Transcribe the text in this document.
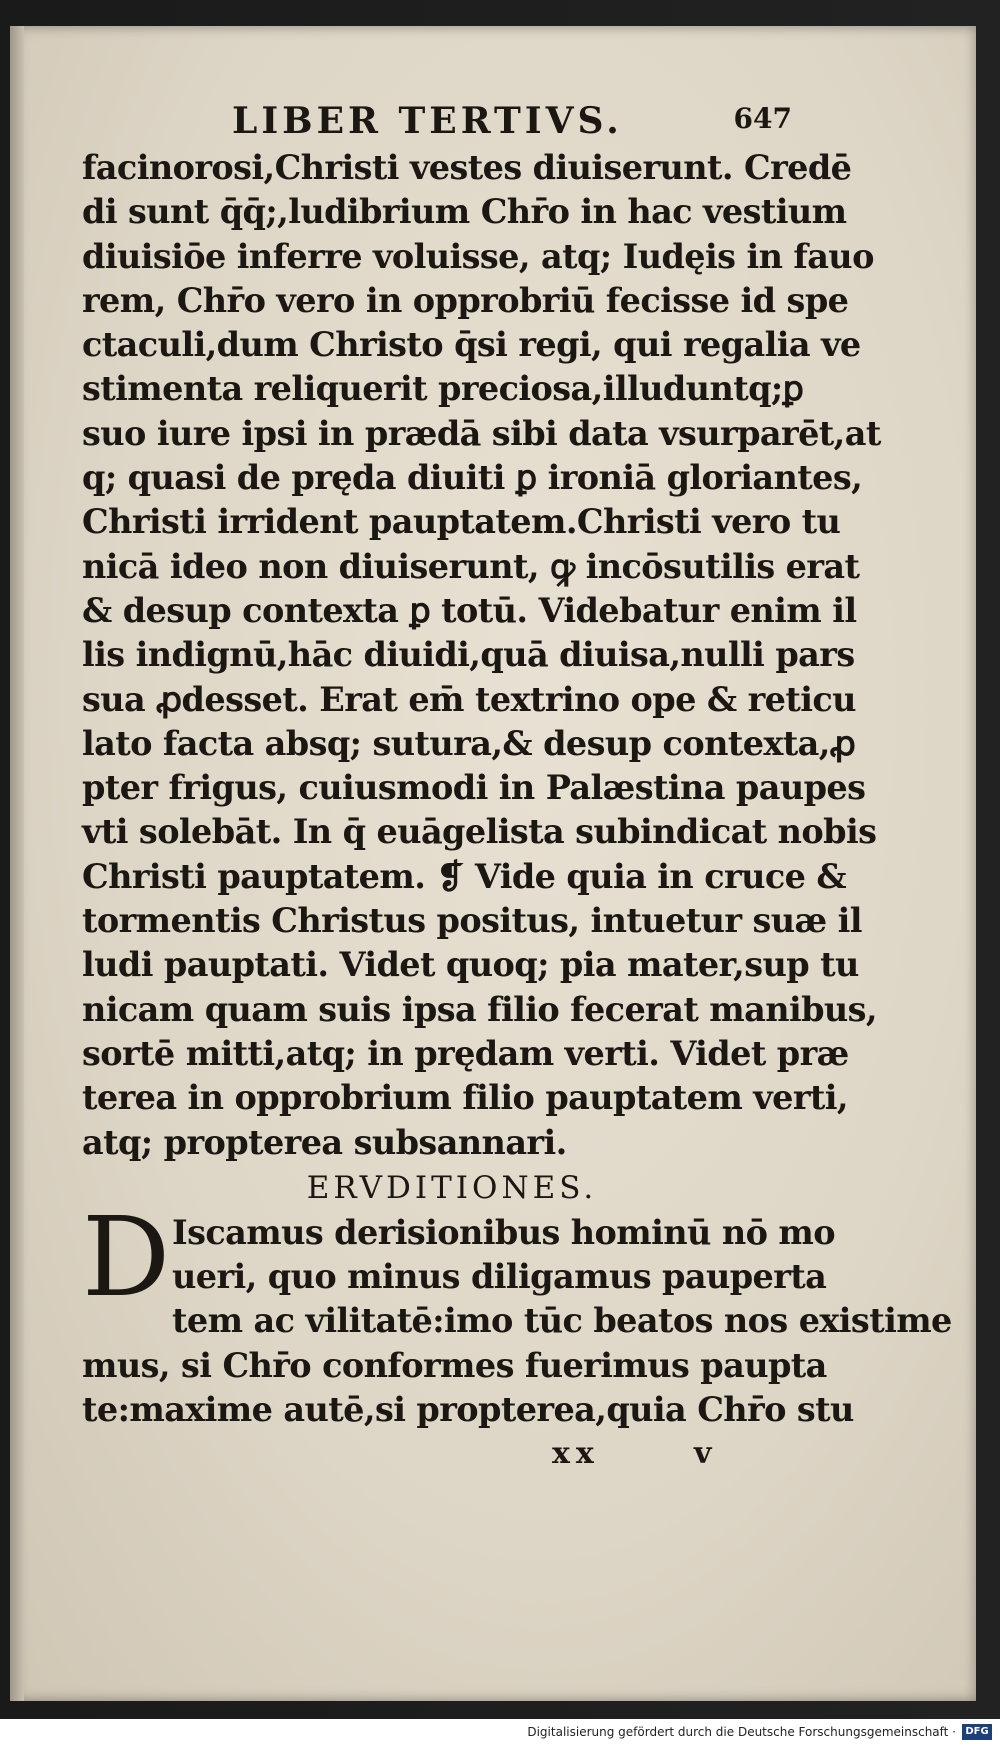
LIBER TERTIVS.	647
facinorosi,Christi vestes diuiserunt. Credē
di sunt q̄q̄;,ludibrium Chr̄o in hac vestium
diuisiōe inferre voluisse, atq; Iudęis in fauo
rem, Chr̄o vero in opprobriū fecisse id spe
ctaculi,dum Christo q̄si regi, qui regalia ve
stimenta reliquerit preciosa,illuduntq;ꝑ
suo iure ipsi in prædā sibi data vsurparēt,at
q; quasi de pręda diuiti ꝑ ironiā gloriantes,
Christi irrident pauptatem.Christi vero tu
nicā ideo non diuiserunt, ꝙ incōsutilis erat
& desup contexta ꝑ totū. Videbatur enim il
lis indignū,hāc diuidi,quā diuisa,nulli pars
sua ꝓdesset. Erat em̄ textrino ope & reticu
lato facta absq; sutura,& desup contexta,ꝓ
pter frigus, cuiusmodi in Palæstina paupes
vti solebāt. In q̄ euāgelista subindicat nobis
Christi pauptatem. ❡ Vide quia in cruce &
tormentis Christus positus, intuetur suæ il
ludi pauptati. Videt quoq; pia mater,sup tu
nicam quam suis ipsa filio fecerat manibus,
sortē mitti,atq; in prędam verti. Videt præ
terea in opprobrium filio pauptatem verti,
atq; propterea subsannari.
ERVDITIONES.
D Iscamus derisionibus hominū nō mo
ueri, quo minus diligamus pauperta
tem ac vilitatē:imo tūc beatos nos existime
mus, si Chr̄o conformes fuerimus paupta
te:maxime autē,si propterea,quia Chr̄o stu
xx	v
Digitalisierung gefördert durch die Deutsche Forschungsgemeinschaft · DFG
